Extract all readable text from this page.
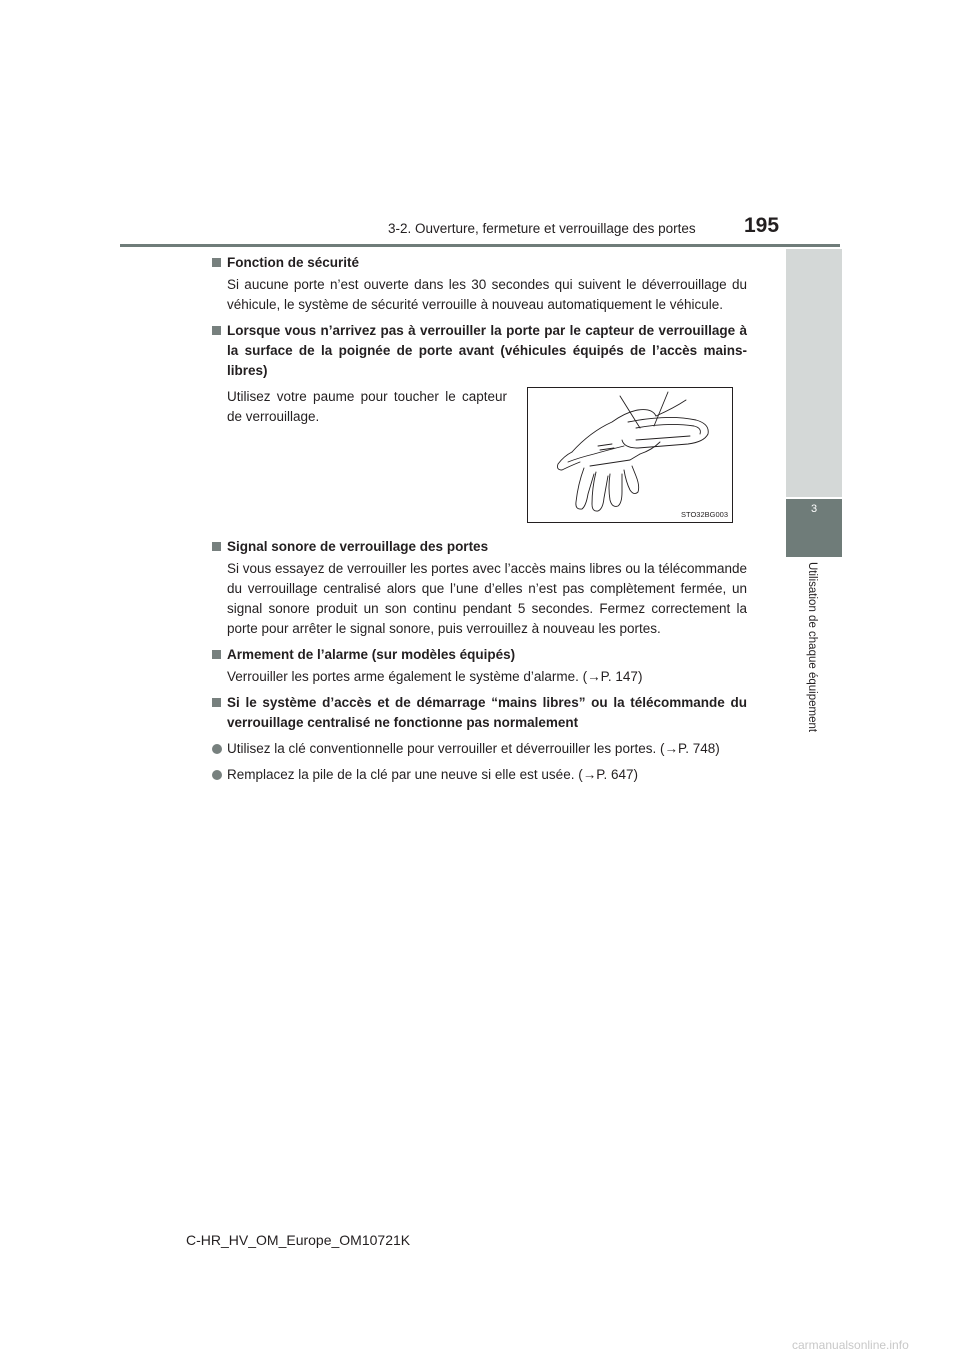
3-2. Ouverture, fermeture et verrouillage des portes 195
3
Utilisation de chaque équipement
Fonction de sécurité
Si aucune porte n’est ouverte dans les 30 secondes qui suivent le déverrouillage du véhicule, le système de sécurité verrouille à nouveau automatiquement le véhicule.
Lorsque vous n’arrivez pas à verrouiller la porte par le capteur de verrouillage à la surface de la poignée de porte avant (véhicules équipés de l’accès mains-libres)
Utilisez votre paume pour toucher le capteur de verrouillage.
STO32BG003
Signal sonore de verrouillage des portes
Si vous essayez de verrouiller les portes avec l’accès mains libres ou la télécommande du verrouillage centralisé alors que l’une d’elles n’est pas complètement fermée, un signal sonore produit un son continu pendant 5 secondes. Fermez correctement la porte pour arrêter le signal sonore, puis verrouillez à nouveau les portes.
Armement de l’alarme (sur modèles équipés)
Verrouiller les portes arme également le système d’alarme. (→P. 147)
Si le système d’accès et de démarrage “mains libres” ou la télécommande du verrouillage centralisé ne fonctionne pas normalement
Utilisez la clé conventionnelle pour verrouiller et déverrouiller les portes. (→P. 748)
Remplacez la pile de la clé par une neuve si elle est usée. (→P. 647)
C-HR_HV_OM_Europe_OM10721K
carmanualsonline.info
